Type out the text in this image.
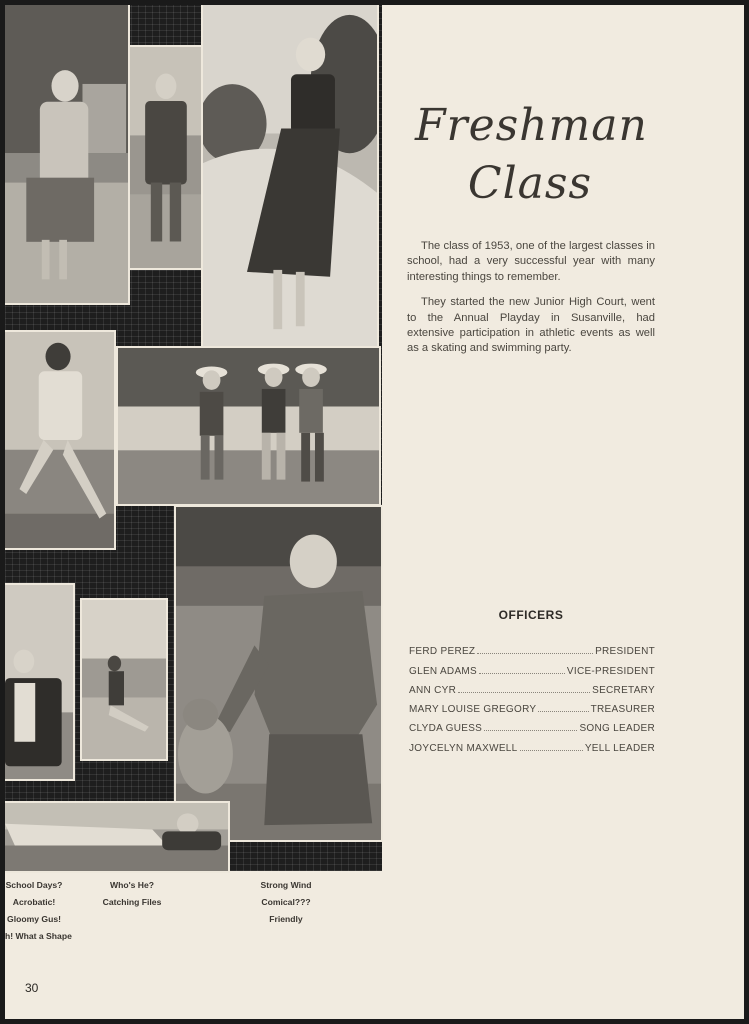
Freshman
Class

The class of 1953, one of the largest classes in school, had a very successful year with many interesting things to remember.

They started the new Junior High Court, went to the Annual Playday in Susanville, had extensive participation in athletic events as well as a skating and swimming party.

OFFICERS
FERD PEREZ	PRESIDENT
GLEN ADAMS	VICE-PRESIDENT
ANN CYR	SECRETARY
MARY LOUISE GREGORY	TREASURER
CLYDA GUESS	SONG LEADER
JOYCELYN MAXWELL	YELL LEADER
School Days?
Acrobatic!
Gloomy Gus!
h! What a Shape
Who's He?
Catching Files
Strong Wind
Comical???
Friendly
30
